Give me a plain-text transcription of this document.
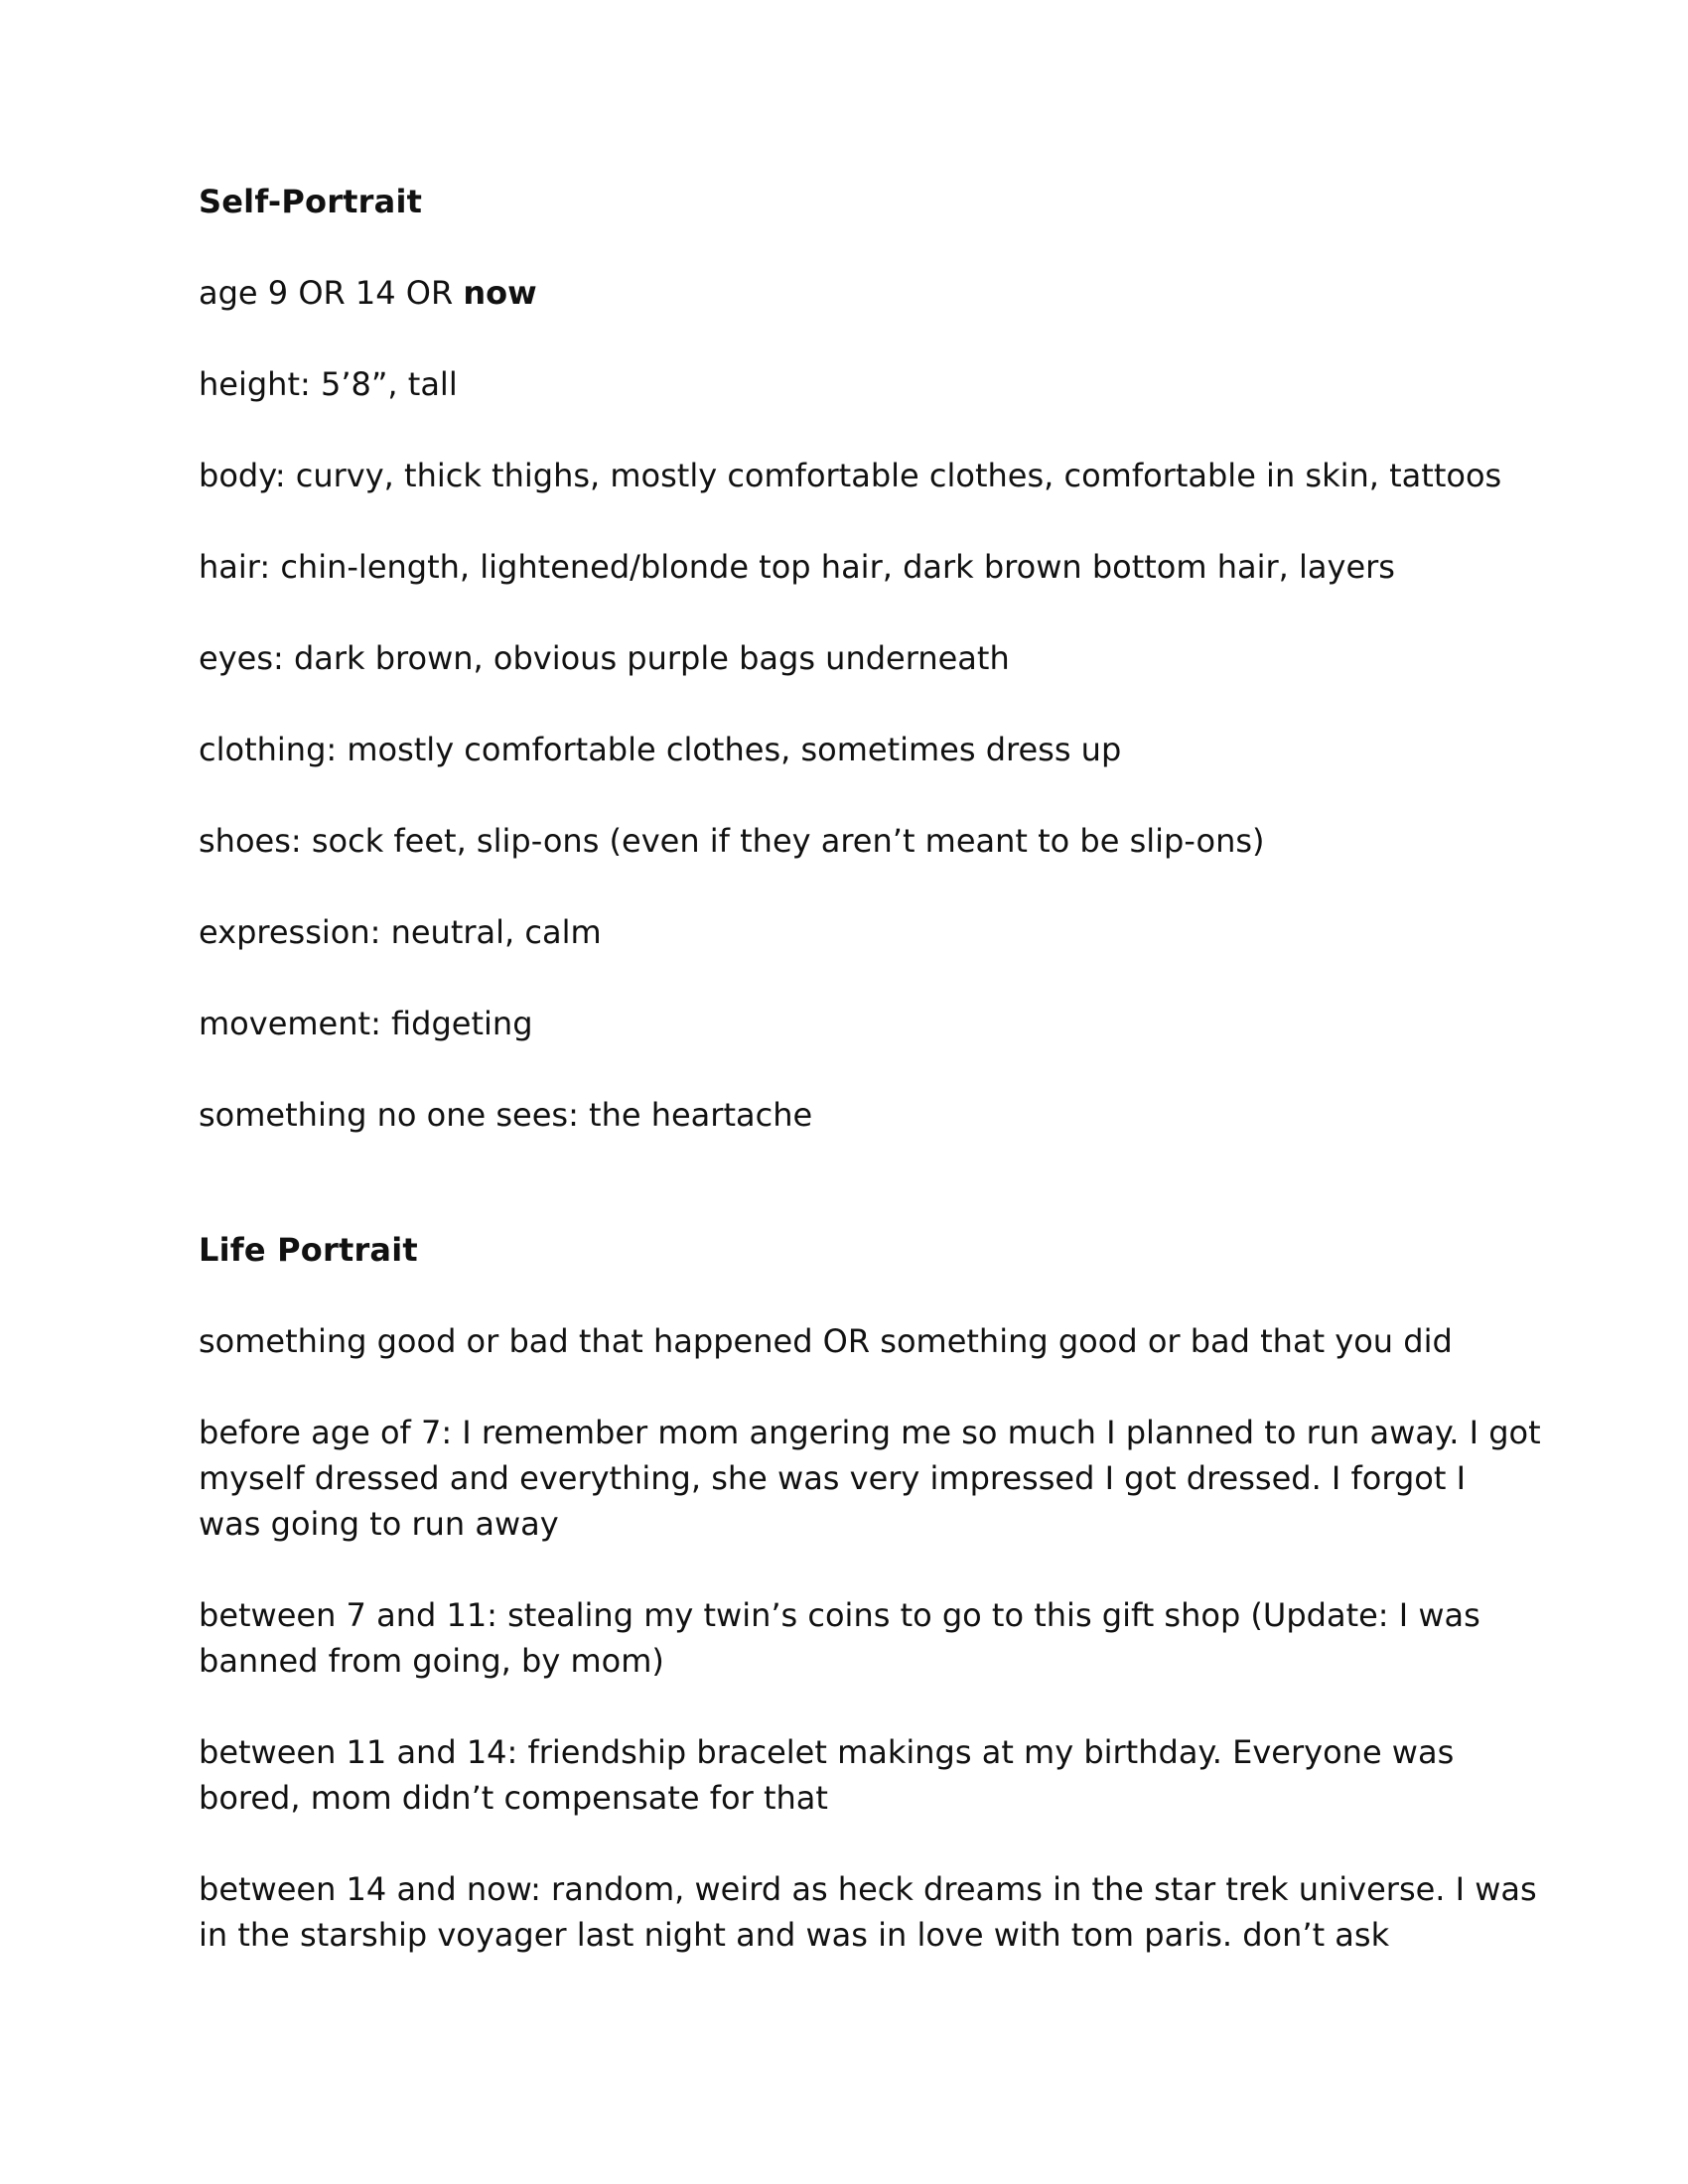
Self-Portrait
age 9 OR 14 OR now
height: 5’8”, tall
body: curvy, thick thighs, mostly comfortable clothes, comfortable in skin, tattoos
hair: chin-length, lightened/blonde top hair, dark brown bottom hair, layers
eyes: dark brown, obvious purple bags underneath
clothing: mostly comfortable clothes, sometimes dress up
shoes: sock feet, slip-ons (even if they aren’t meant to be slip-ons)
expression: neutral, calm
movement: fidgeting
something no one sees: the heartache
Life Portrait
something good or bad that happened OR something good or bad that you did
before age of 7: I remember mom angering me so much I planned to run away. I got
myself dressed and everything, she was very impressed I got dressed. I forgot I
was going to run away
between 7 and 11: stealing my twin’s coins to go to this gift shop (Update: I was
banned from going, by mom)
between 11 and 14: friendship bracelet makings at my birthday. Everyone was
bored, mom didn’t compensate for that
between 14 and now: random, weird as heck dreams in the star trek universe. I was
in the starship voyager last night and was in love with tom paris. don’t ask
